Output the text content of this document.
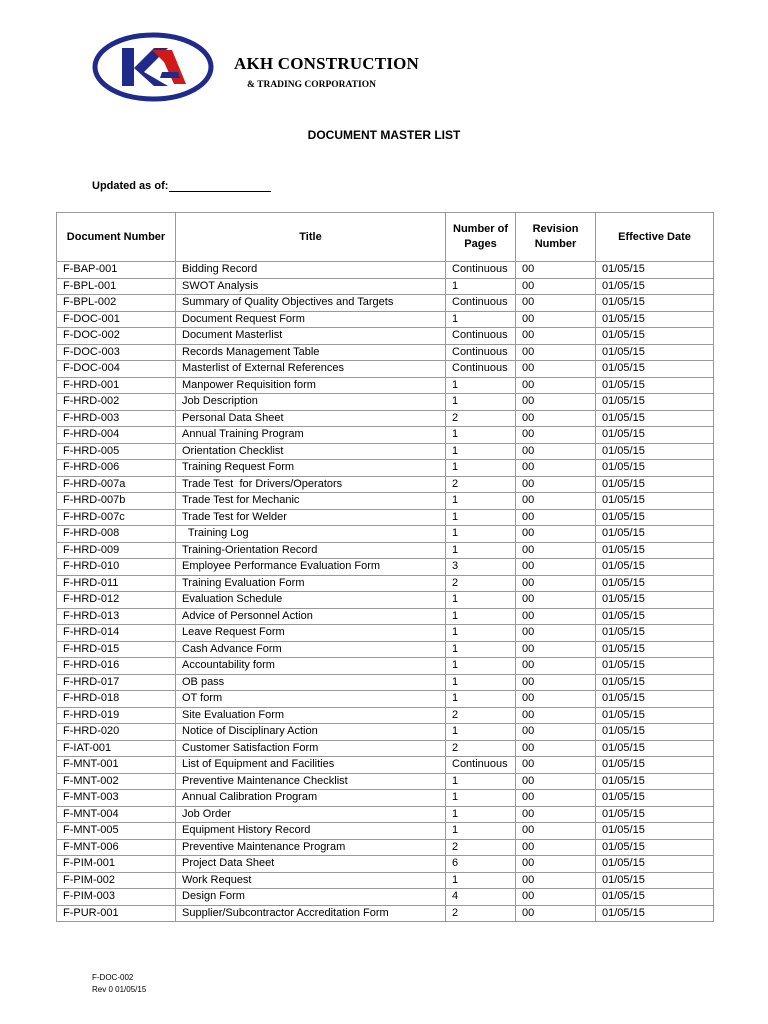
AKH CONSTRUCTION
& TRADING CORPORATION
DOCUMENT MASTER LIST
Updated as of:
Document Number	Title	Number of Pages	Revision Number	Effective Date
F-BAP-001	Bidding Record	Continuous	00	01/05/15
F-BPL-001	SWOT Analysis	1	00	01/05/15
F-BPL-002	Summary of Quality Objectives and Targets	Continuous	00	01/05/15
F-DOC-001	Document Request Form	1	00	01/05/15
F-DOC-002	Document Masterlist	Continuous	00	01/05/15
F-DOC-003	Records Management Table	Continuous	00	01/05/15
F-DOC-004	Masterlist of External References	Continuous	00	01/05/15
F-HRD-001	Manpower Requisition form	1	00	01/05/15
F-HRD-002	Job Description	1	00	01/05/15
F-HRD-003	Personal Data Sheet	2	00	01/05/15
F-HRD-004	Annual Training Program	1	00	01/05/15
F-HRD-005	Orientation Checklist	1	00	01/05/15
F-HRD-006	Training Request Form	1	00	01/05/15
F-HRD-007a	Trade Test  for Drivers/Operators	2	00	01/05/15
F-HRD-007b	Trade Test for Mechanic	1	00	01/05/15
F-HRD-007c	Trade Test for Welder	1	00	01/05/15
F-HRD-008	Training Log	1	00	01/05/15
F-HRD-009	Training-Orientation Record	1	00	01/05/15
F-HRD-010	Employee Performance Evaluation Form	3	00	01/05/15
F-HRD-011	Training Evaluation Form	2	00	01/05/15
F-HRD-012	Evaluation Schedule	1	00	01/05/15
F-HRD-013	Advice of Personnel Action	1	00	01/05/15
F-HRD-014	Leave Request Form	1	00	01/05/15
F-HRD-015	Cash Advance Form	1	00	01/05/15
F-HRD-016	Accountability form	1	00	01/05/15
F-HRD-017	OB pass	1	00	01/05/15
F-HRD-018	OT form	1	00	01/05/15
F-HRD-019	Site Evaluation Form	2	00	01/05/15
F-HRD-020	Notice of Disciplinary Action	1	00	01/05/15
F-IAT-001	Customer Satisfaction Form	2	00	01/05/15
F-MNT-001	List of Equipment and Facilities	Continuous	00	01/05/15
F-MNT-002	Preventive Maintenance Checklist	1	00	01/05/15
F-MNT-003	Annual Calibration Program	1	00	01/05/15
F-MNT-004	Job Order	1	00	01/05/15
F-MNT-005	Equipment History Record	1	00	01/05/15
F-MNT-006	Preventive Maintenance Program	2	00	01/05/15
F-PIM-001	Project Data Sheet	6	00	01/05/15
F-PIM-002	Work Request	1	00	01/05/15
F-PIM-003	Design Form	4	00	01/05/15
F-PUR-001	Supplier/Subcontractor Accreditation Form	2	00	01/05/15
F-DOC-002
Rev 0 01/05/15
